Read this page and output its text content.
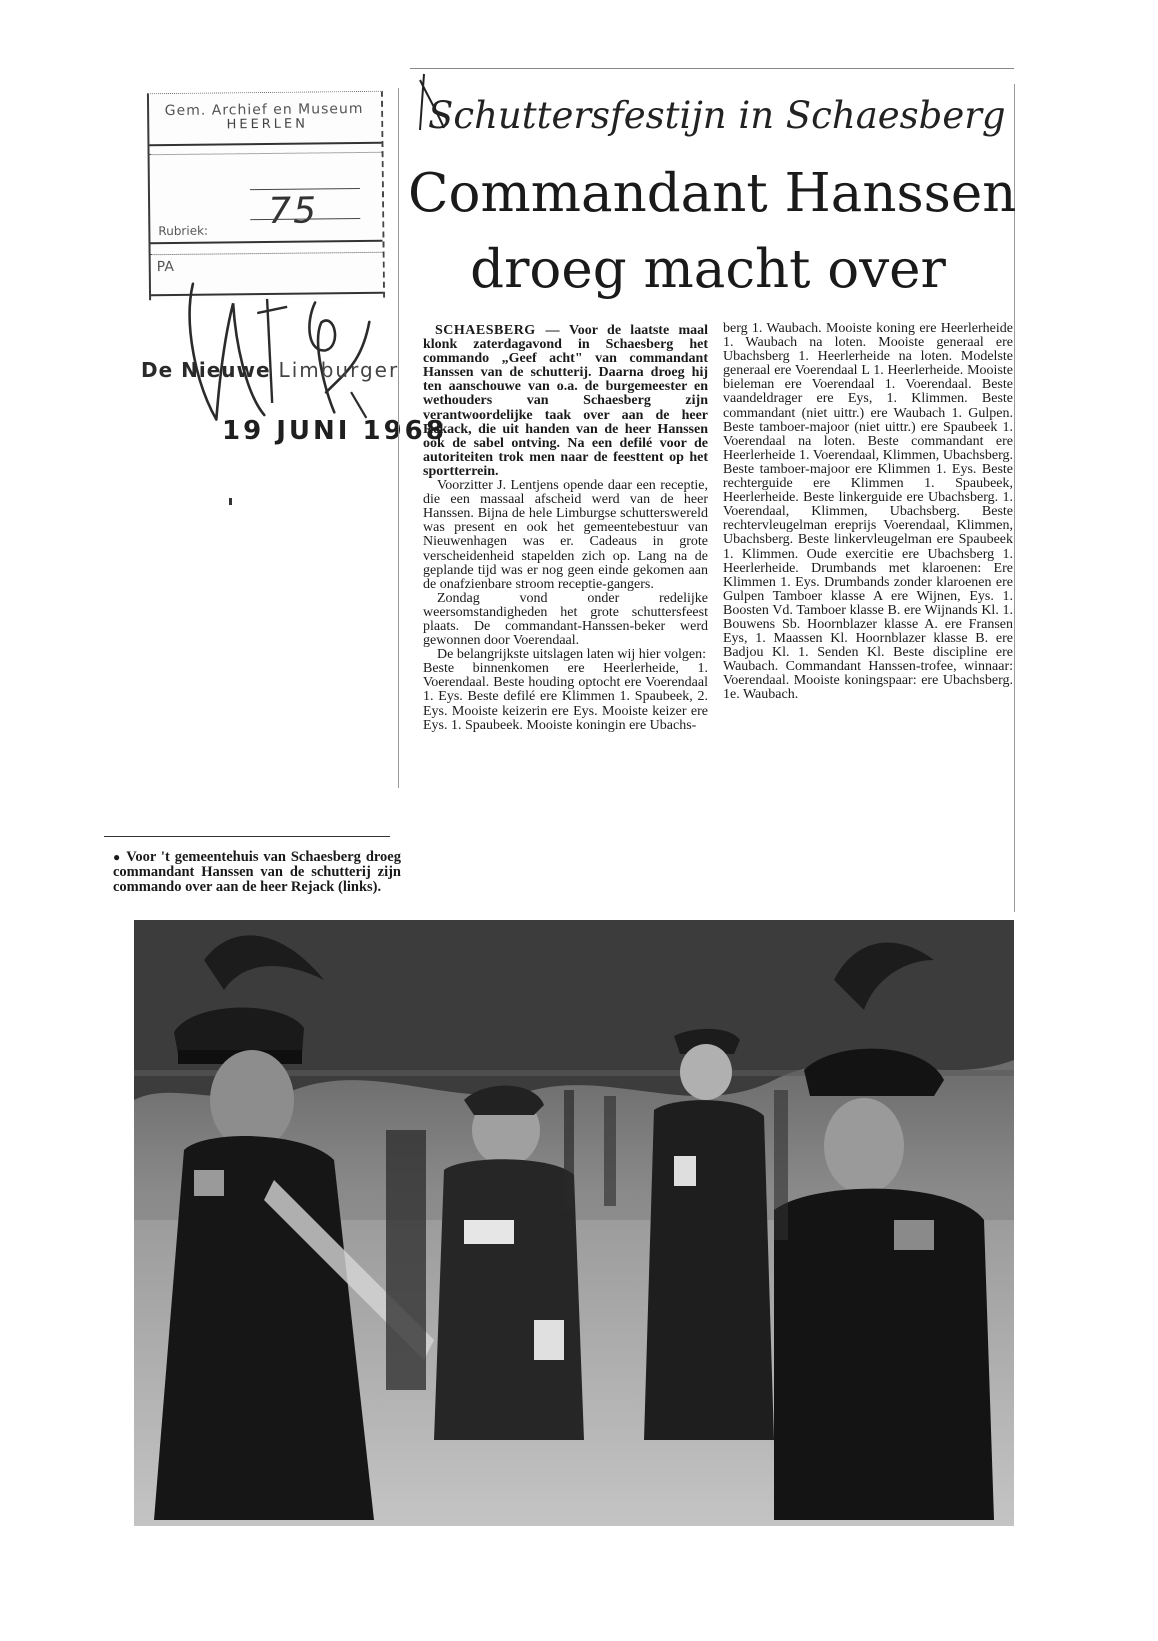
Gem. Archief en Museum
HEERLEN
75
Rubriek:
PA
De Nieuwe Limburger
19 JUNI 1968
Schuttersfestijn in Schaesberg
Commandant Hanssen
droeg macht over

SCHAESBERG — Voor de laatste maal klonk zaterdagavond in Schaesberg het commando „Geef acht" van commandant Hanssen van de schutterij. Daarna droeg hij ten aanschouwe van o.a. de burgemeester en wethouders van Schaesberg zijn verantwoordelijke taak over aan de heer Rekack, die uit handen van de heer Hanssen ook de sabel ontving. Na een defilé voor de autoriteiten trok men naar de feesttent op het sportterrein.

Voorzitter J. Lentjens opende daar een receptie, die een massaal afscheid werd van de heer Hanssen. Bijna de hele Limburgse schutterswereld was present en ook het gemeentebestuur van Nieuwenhagen was er. Cadeaus in grote verscheidenheid stapelden zich op. Lang na de geplande tijd was er nog geen einde gekomen aan de onafzienbare stroom receptie-gangers.

Zondag vond onder redelijke weersomstandigheden het grote schuttersfeest plaats. De commandant-Hanssen-beker werd gewonnen door Voerendaal.

De belangrijkste uitslagen laten wij hier volgen:

Beste binnenkomen ere Heerlerheide, 1. Voerendaal. Beste houding optocht ere Voerendaal 1. Eys. Beste defilé ere Klimmen 1. Spaubeek, 2. Eys. Mooiste keizerin ere Eys. Mooiste keizer ere Eys. 1. Spaubeek. Mooiste koningin ere Ubachs-

berg 1. Waubach. Mooiste koning ere Heerlerheide 1. Waubach na loten. Mooiste generaal ere Ubachsberg 1. Heerlerheide na loten. Modelste generaal ere Voerendaal L 1. Heerlerheide. Mooiste bieleman ere Voerendaal 1. Voerendaal. Beste vaandeldrager ere Eys, 1. Klimmen. Beste commandant (niet uittr.) ere Waubach 1. Gulpen. Beste tamboer-majoor (niet uittr.) ere Spaubeek 1. Voerendaal na loten. Beste commandant ere Heerlerheide 1. Voerendaal, Klimmen, Ubachsberg. Beste tamboer-majoor ere Klimmen 1. Eys. Beste rechterguide ere Klimmen 1. Spaubeek, Heerlerheide. Beste linkerguide ere Ubachsberg. 1. Voerendaal, Klimmen, Ubachsberg. Beste rechtervleugelman ereprijs Voerendaal, Klimmen, Ubachsberg. Beste linkervleugelman ere Spaubeek 1. Klimmen. Oude exercitie ere Ubachsberg 1. Heerlerheide. Drumbands met klaroenen: Ere Klimmen 1. Eys. Drumbands zonder klaroenen ere Gulpen Tamboer klasse A ere Wijnen, Eys. 1. Boosten Vd. Tamboer klasse B. ere Wijnands Kl. 1. Bouwens Sb. Hoornblazer klasse A. ere Fransen Eys, 1. Maassen Kl. Hoornblazer klasse B. ere Badjou Kl. 1. Senden Kl. Beste discipline ere Waubach. Commandant Hanssen-trofee, winnaar: Voerendaal. Mooiste koningspaar: ere Ubachsberg. 1e. Waubach.

● Voor 't gemeentehuis van Schaesberg droeg commandant Hanssen van de schutterij zijn commando over aan de heer Rejack (links).
